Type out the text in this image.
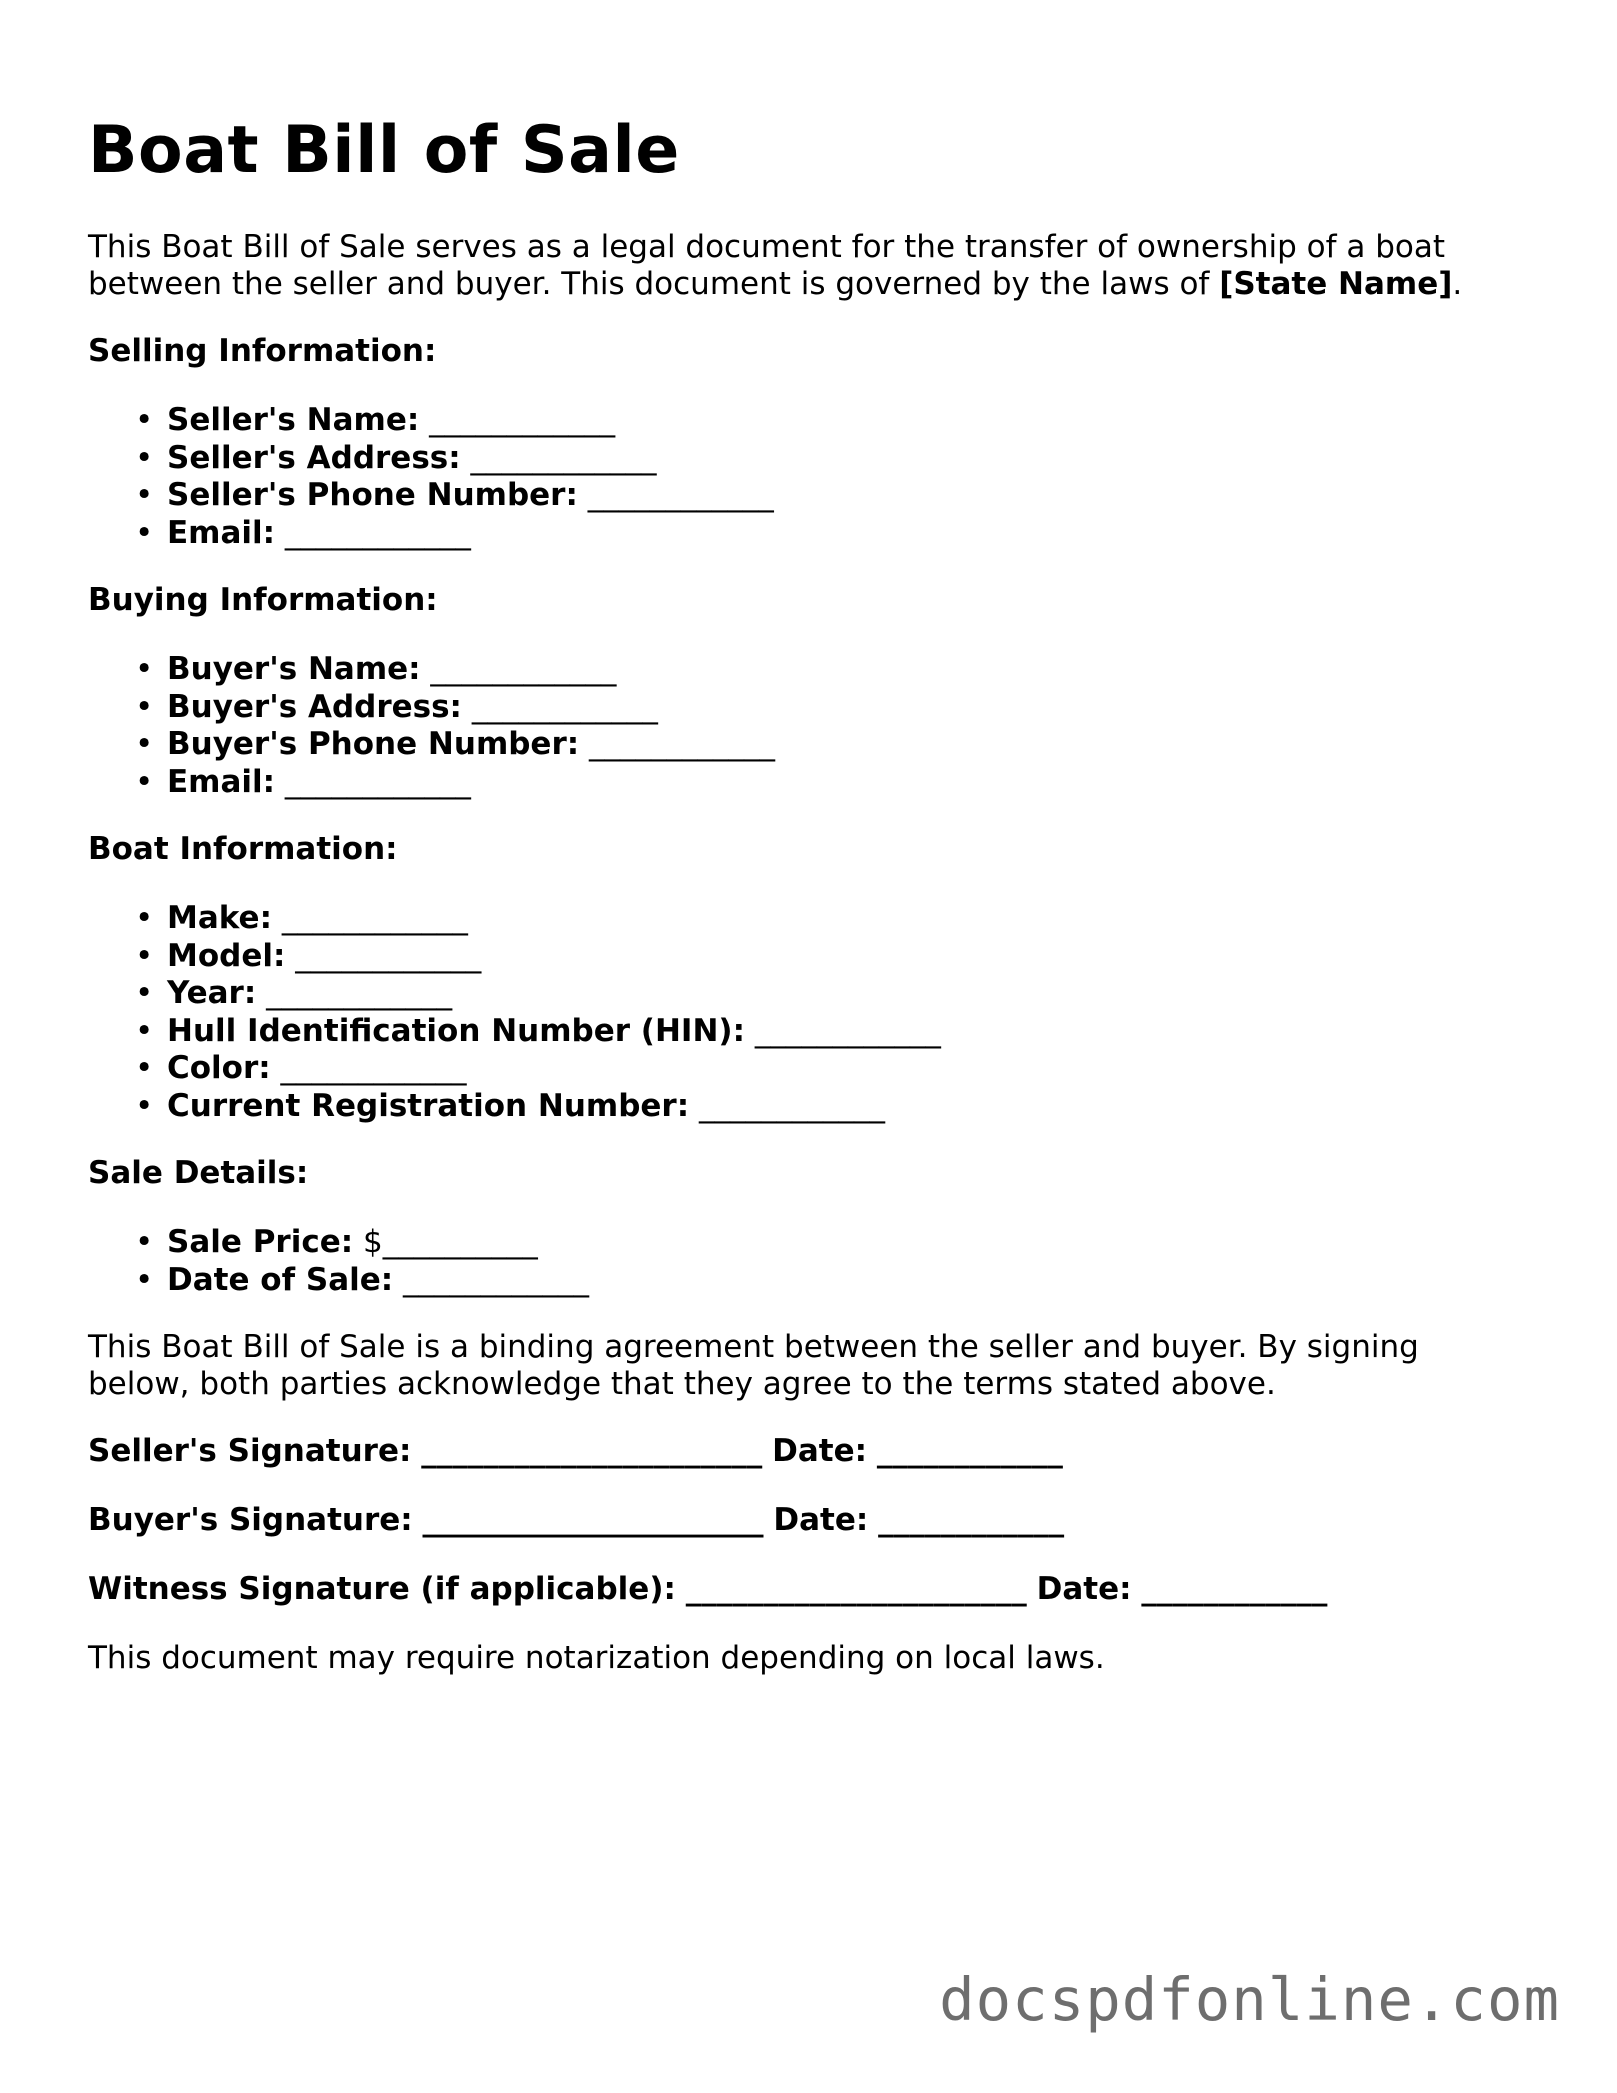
Boat Bill of Sale

This Boat Bill of Sale serves as a legal document for the transfer of ownership of a boat between the seller and buyer. This document is governed by the laws of [State Name].

Selling Information:
• Seller's Name: ____________
• Seller's Address: ____________
• Seller's Phone Number: ____________
• Email: ____________
Buying Information:
• Buyer's Name: ____________
• Buyer's Address: ____________
• Buyer's Phone Number: ____________
• Email: ____________
Boat Information:
• Make: ____________
• Model: ____________
• Year: ____________
• Hull Identification Number (HIN): ____________
• Color: ____________
• Current Registration Number: ____________
Sale Details:
• Sale Price: $__________
• Date of Sale: ____________

This Boat Bill of Sale is a binding agreement between the seller and buyer. By signing below, both parties acknowledge that they agree to the terms stated above.

Seller's Signature: ______________________ Date: ____________
Buyer's Signature: ______________________ Date: ____________
Witness Signature (if applicable): ______________________ Date: ____________

This document may require notarization depending on local laws.

docspdfonline.com
